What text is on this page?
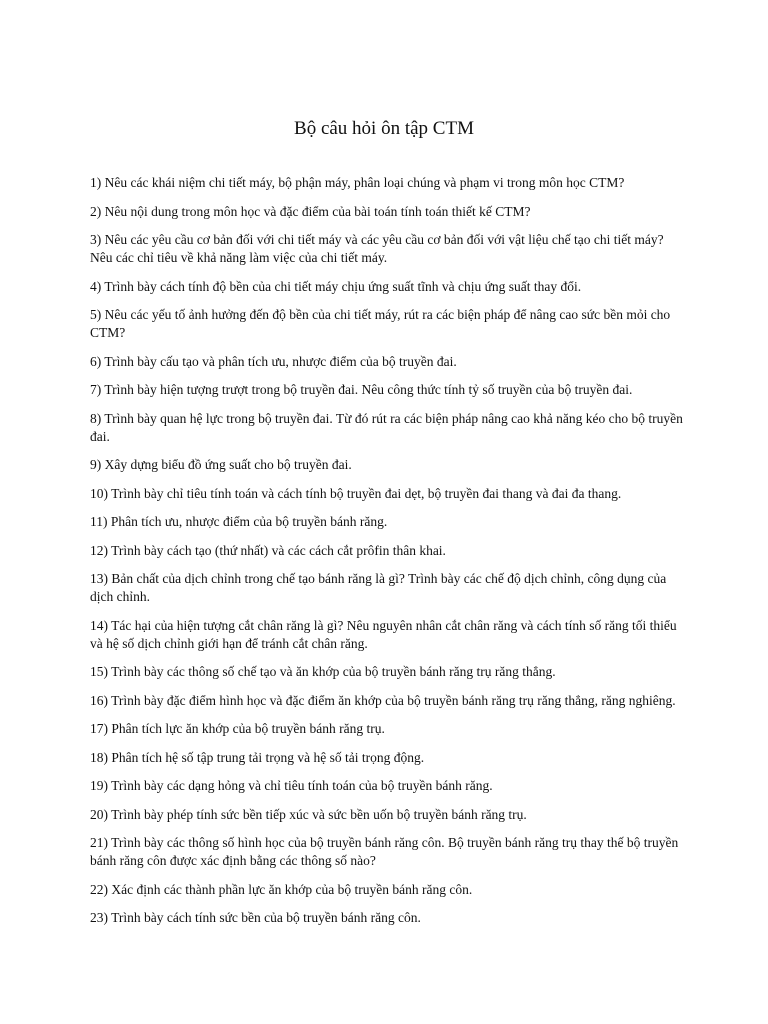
Bộ câu hỏi ôn tập CTM
1) Nêu các khái niệm chi tiết máy, bộ phận máy, phân loại chúng và phạm vi trong môn học CTM?
2) Nêu nội dung trong môn học và đặc điểm của bài toán tính toán thiết kế CTM?
3) Nêu các yêu cầu cơ bản đối với chi tiết máy và các yêu cầu cơ bản đối với vật liệu chế tạo chi tiết máy? Nêu các chỉ tiêu về khả năng làm việc của chi tiết máy.
4) Trình bày cách tính độ bền của chi tiết máy chịu ứng suất tĩnh và chịu ứng suất thay đổi.
5) Nêu các yếu tố ảnh hưởng đến độ bền của chi tiết máy, rút ra các biện pháp để nâng cao sức bền mỏi cho CTM?
6) Trình bày cấu tạo và phân tích ưu, nhược điểm của bộ truyền đai.
7) Trình bày hiện tượng trượt trong bộ truyền đai. Nêu công thức tính tỷ số truyền của bộ truyền đai.
8) Trình bày quan hệ lực trong bộ truyền đai. Từ đó rút ra các biện pháp nâng cao khả năng kéo cho bộ truyền đai.
9) Xây dựng biểu đồ ứng suất cho bộ truyền đai.
10) Trình bày chỉ tiêu tính toán và cách tính bộ truyền đai dẹt, bộ truyền đai thang và đai đa thang.
11) Phân tích ưu, nhược điểm của bộ truyền bánh răng.
12) Trình bày cách tạo (thứ nhất) và các cách cắt prôfin thân khai.
13) Bản chất của dịch chỉnh trong chế tạo bánh răng là gì? Trình bày các chế độ dịch chỉnh, công dụng của dịch chỉnh.
14) Tác hại của hiện tượng cắt chân răng là gì? Nêu nguyên nhân cắt chân răng và cách tính số răng tối thiểu và hệ số dịch chỉnh giới hạn để tránh cắt chân răng.
15) Trình bày các thông số chế tạo và ăn khớp của bộ truyền bánh răng trụ răng thẳng.
16) Trình bày đặc điểm hình học và đặc điểm ăn khớp của bộ truyền bánh răng trụ răng thẳng, răng nghiêng.
17) Phân tích lực ăn khớp của bộ truyền bánh răng trụ.
18) Phân tích hệ số tập trung tải trọng và hệ số tải trọng động.
19) Trình bày các dạng hỏng và chỉ tiêu tính toán của bộ truyền bánh răng.
20) Trình bày phép tính sức bền tiếp xúc và sức bền uốn bộ truyền bánh răng trụ.
21) Trình bày các thông số hình học của bộ truyền bánh răng côn. Bộ truyền bánh răng trụ thay thế bộ truyền bánh răng côn được xác định bằng các thông số nào?
22) Xác định các thành phần lực ăn khớp của bộ truyền bánh răng côn.
23) Trình bày cách tính sức bền của bộ truyền bánh răng côn.
